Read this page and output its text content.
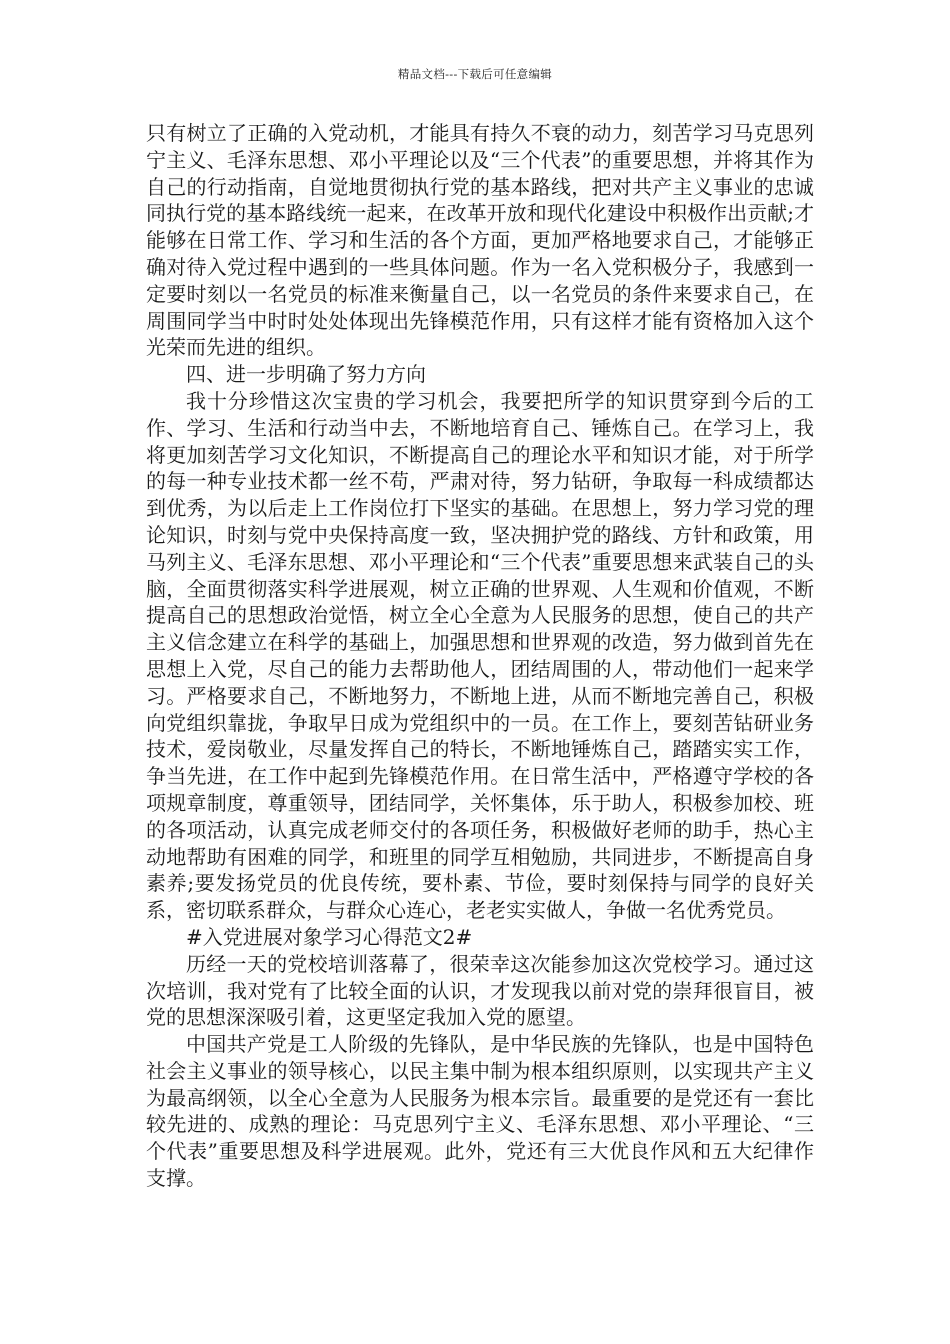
精品文档---下载后可任意编辑

只有树立了正确的入党动机，才能具有持久不衰的动力，刻苦学习马克思列宁主义、毛泽东思想、邓小平理论以及“三个代表”的重要思想，并将其作为自己的行动指南，自觉地贯彻执行党的基本路线，把对共产主义事业的忠诚同执行党的基本路线统一起来，在改革开放和现代化建设中积极作出贡献;才能够在日常工作、学习和生活的各个方面，更加严格地要求自己，才能够正确对待入党过程中遇到的一些具体问题。作为一名入党积极分子，我感到一定要时刻以一名党员的标准来衡量自己，以一名党员的条件来要求自己，在周围同学当中时时处处体现出先锋模范作用，只有这样才能有资格加入这个光荣而先进的组织。

四、进一步明确了努力方向

我十分珍惜这次宝贵的学习机会，我要把所学的知识贯穿到今后的工作、学习、生活和行动当中去，不断地培育自己、锤炼自己。在学习上，我将更加刻苦学习文化知识，不断提高自己的理论水平和知识才能，对于所学的每一种专业技术都一丝不苟，严肃对待，努力钻研，争取每一科成绩都达到优秀，为以后走上工作岗位打下坚实的基础。在思想上，努力学习党的理论知识，时刻与党中央保持高度一致，坚决拥护党的路线、方针和政策，用马列主义、毛泽东思想、邓小平理论和“三个代表”重要思想来武装自己的头脑，全面贯彻落实科学进展观，树立正确的世界观、人生观和价值观，不断提高自己的思想政治觉悟，树立全心全意为人民服务的思想，使自己的共产主义信念建立在科学的基础上，加强思想和世界观的改造，努力做到首先在思想上入党，尽自己的能力去帮助他人，团结周围的人，带动他们一起来学习。严格要求自己，不断地努力，不断地上进，从而不断地完善自己，积极向党组织靠拢，争取早日成为党组织中的一员。在工作上，要刻苦钻研业务技术，爱岗敬业，尽量发挥自己的特长，不断地锤炼自己，踏踏实实工作，争当先进，在工作中起到先锋模范作用。在日常生活中，严格遵守学校的各项规章制度，尊重领导，团结同学，关怀集体，乐于助人，积极参加校、班的各项活动，认真完成老师交付的各项任务，积极做好老师的助手，热心主动地帮助有困难的同学，和班里的同学互相勉励，共同进步，不断提高自身素养;要发扬党员的优良传统，要朴素、节俭，要时刻保持与同学的良好关系，密切联系群众，与群众心连心，老老实实做人，争做一名优秀党员。

#入党进展对象学习心得范文2#

历经一天的党校培训落幕了，很荣幸这次能参加这次党校学习。通过这次培训，我对党有了比较全面的认识，才发现我以前对党的崇拜很盲目，被党的思想深深吸引着，这更坚定我加入党的愿望。

中国共产党是工人阶级的先锋队，是中华民族的先锋队，也是中国特色社会主义事业的领导核心，以民主集中制为根本组织原则，以实现共产主义为最高纲领，以全心全意为人民服务为根本宗旨。最重要的是党还有一套比较先进的、成熟的理论：马克思列宁主义、毛泽东思想、邓小平理论、“三个代表”重要思想及科学进展观。此外，党还有三大优良作风和五大纪律作支撑。
